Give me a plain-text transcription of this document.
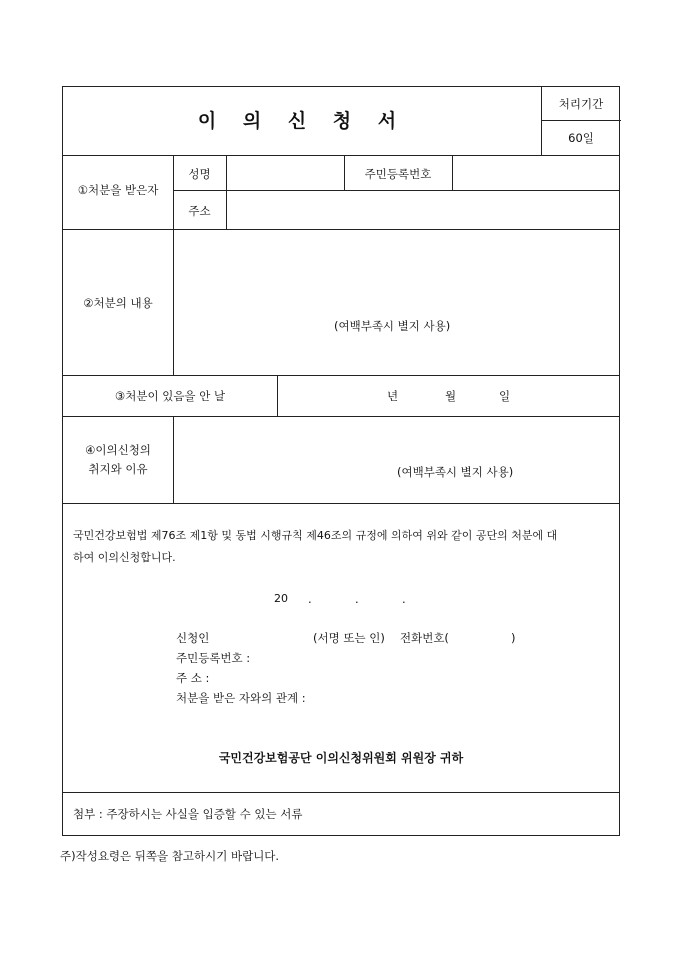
이 의 신 청 서
처리기간
60일
①처분을 받은자
성명	주민등록번호
주소
②처분의 내용
(여백부족시 별지 사용)
③처분이 있음을 안 날	년	월	일
④이의신청의
취지와 이유	(여백부족시 별지 사용)
국민건강보험법 제76조 제1항 및 동법 시행규칙 제46조의 규정에 의하여 위와 같이 공단의 처분에 대
하여 이의신청합니다.
20 .	.	.
신청인	(서명 또는 인) 전화번호(	)
주민등록번호 :
주 소 :
처분을 받은 자와의 관계 :
국민건강보험공단 이의신청위원회 위원장 귀하
첨부 : 주장하시는 사실을 입증할 수 있는 서류
주)작성요령은 뒤쪽을 참고하시기 바랍니다.
